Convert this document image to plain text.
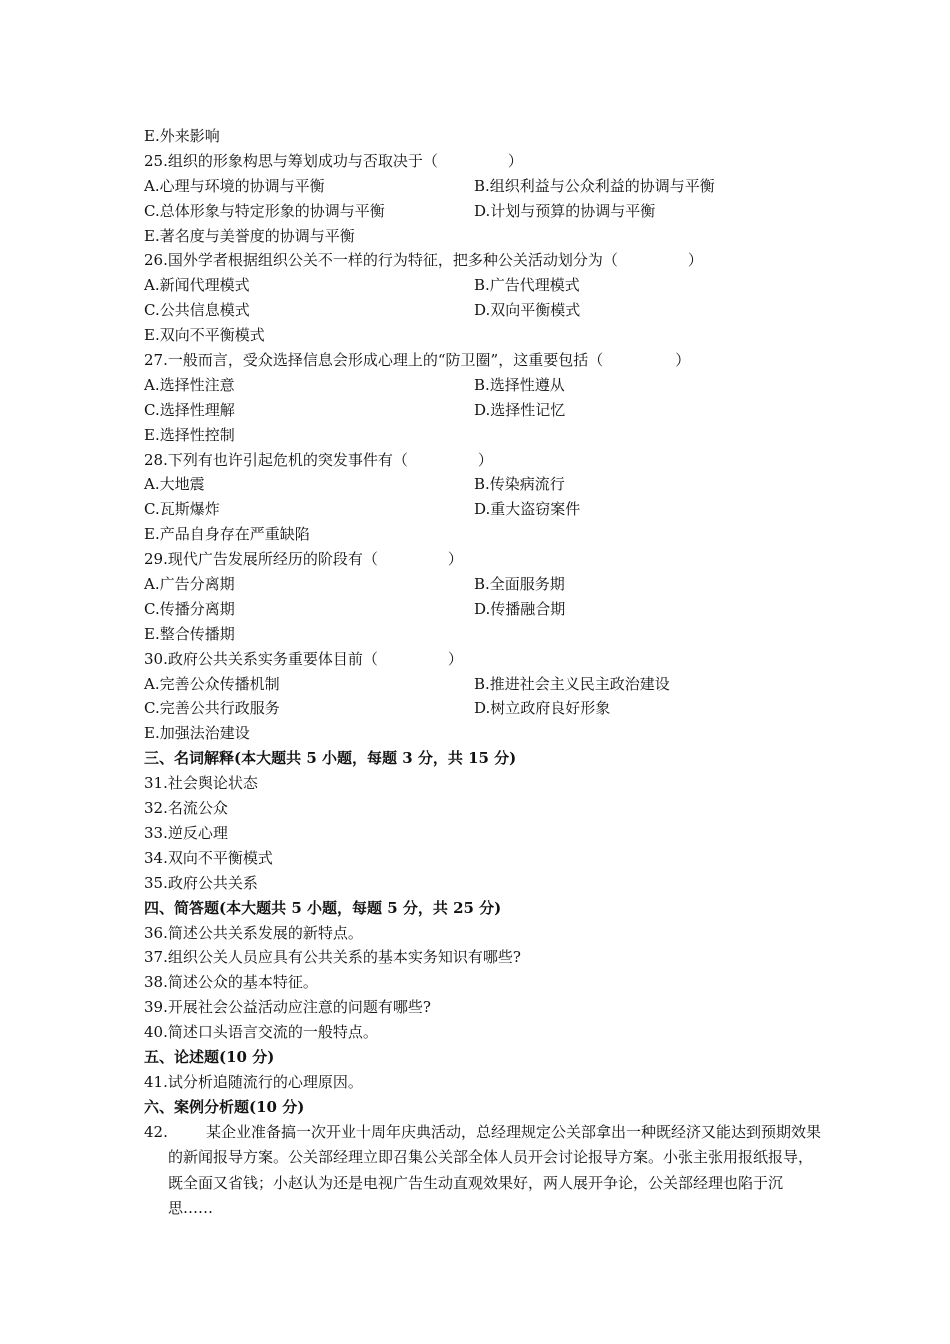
E.外来影响
25.组织的形象构思与筹划成功与否取决于（	）
A.心理与环境的协调与平衡	B.组织利益与公众利益的协调与平衡
C.总体形象与特定形象的协调与平衡	D.计划与预算的协调与平衡
E.著名度与美誉度的协调与平衡
26.国外学者根据组织公关不一样的行为特征，把多种公关活动划分为（	）
A.新闻代理模式	B.广告代理模式
C.公共信息模式	D.双向平衡模式
E.双向不平衡模式
27.一般而言，受众选择信息会形成心理上的“防卫圈”，这重要包括（	）
A.选择性注意	B.选择性遵从
C.选择性理解	D.选择性记忆
E.选择性控制
28.下列有也许引起危机的突发事件有（	）
A.大地震	B.传染病流行
C.瓦斯爆炸	D.重大盗窃案件
E.产品自身存在严重缺陷
29.现代广告发展所经历的阶段有（	）
A.广告分离期	B.全面服务期
C.传播分离期	D.传播融合期
E.整合传播期
30.政府公共关系实务重要体目前（	）
A.完善公众传播机制	B.推进社会主义民主政治建设
C.完善公共行政服务	D.树立政府良好形象
E.加强法治建设
三、名词解释(本大题共 5 小题，每题 3 分，共 15 分)
31.社会舆论状态
32.名流公众
33.逆反心理
34.双向不平衡模式
35.政府公共关系
四、简答题(本大题共 5 小题，每题 5 分，共 25 分)
36.简述公共关系发展的新特点。
37.组织公关人员应具有公共关系的基本实务知识有哪些?
38.简述公众的基本特征。
39.开展社会公益活动应注意的问题有哪些?
40.简述口头语言交流的一般特点。
五、论述题(10 分)
41.试分析追随流行的心理原因。
六、案例分析题(10 分)
42.	某企业准备搞一次开业十周年庆典活动，总经理规定公关部拿出一种既经济又能达到预期效果的新闻报导方案。公关部经理立即召集公关部全体人员开会讨论报导方案。小张主张用报纸报导，既全面又省钱；小赵认为还是电视广告生动直观效果好，两人展开争论，公关部经理也陷于沉思……
